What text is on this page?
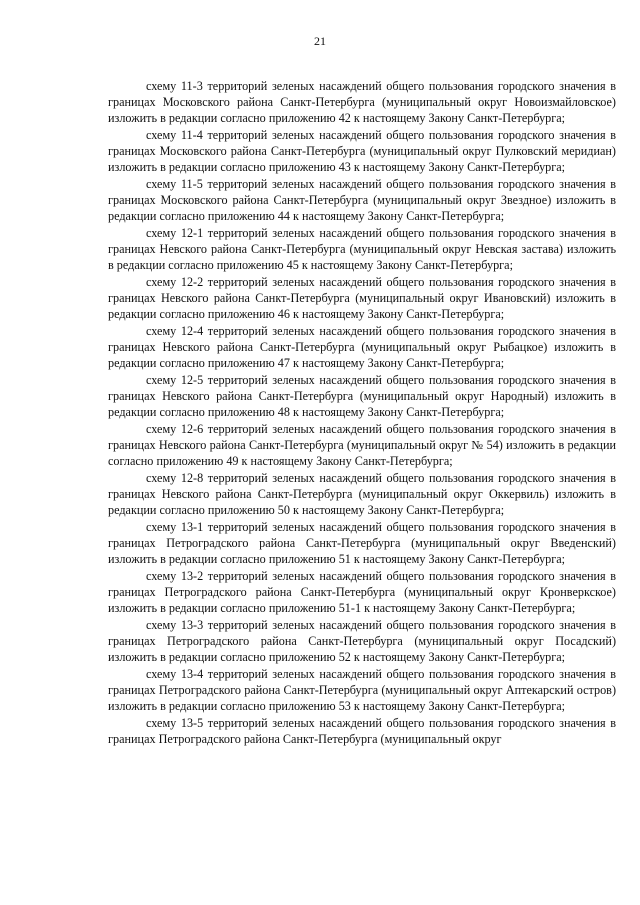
21

схему 11-3 территорий зеленых насаждений общего пользования городского значения в границах Московского района Санкт-Петербурга (муниципальный округ Новоизмайловское) изложить в редакции согласно приложению 42 к настоящему Закону Санкт-Петербурга;

схему 11-4 территорий зеленых насаждений общего пользования городского значения в границах Московского района Санкт-Петербурга (муниципальный округ Пулковский меридиан) изложить в редакции согласно приложению 43 к настоящему Закону Санкт-Петербурга;

схему 11-5 территорий зеленых насаждений общего пользования городского значения в границах Московского района Санкт-Петербурга (муниципальный округ Звездное) изложить в редакции согласно приложению 44 к настоящему Закону Санкт-Петербурга;

схему 12-1 территорий зеленых насаждений общего пользования городского значения в границах Невского района Санкт-Петербурга (муниципальный округ Невская застава) изложить в редакции согласно приложению 45 к настоящему Закону Санкт-Петербурга;

схему 12-2 территорий зеленых насаждений общего пользования городского значения в границах Невского района Санкт-Петербурга (муниципальный округ Ивановский) изложить в редакции согласно приложению 46 к настоящему Закону Санкт-Петербурга;

схему 12-4 территорий зеленых насаждений общего пользования городского значения в границах Невского района Санкт-Петербурга (муниципальный округ Рыбацкое) изложить в редакции согласно приложению 47 к настоящему Закону Санкт-Петербурга;

схему 12-5 территорий зеленых насаждений общего пользования городского значения в границах Невского района Санкт-Петербурга (муниципальный округ Народный) изложить в редакции согласно приложению 48 к настоящему Закону Санкт-Петербурга;

схему 12-6 территорий зеленых насаждений общего пользования городского значения в границах Невского района Санкт-Петербурга (муниципальный округ № 54) изложить в редакции согласно приложению 49 к настоящему Закону Санкт-Петербурга;

схему 12-8 территорий зеленых насаждений общего пользования городского значения в границах Невского района Санкт-Петербурга (муниципальный округ Оккервиль) изложить в редакции согласно приложению 50 к настоящему Закону Санкт-Петербурга;

схему 13-1 территорий зеленых насаждений общего пользования городского значения в границах Петроградского района Санкт-Петербурга (муниципальный округ Введенский) изложить в редакции согласно приложению 51 к настоящему Закону Санкт-Петербурга;

схему 13-2 территорий зеленых насаждений общего пользования городского значения в границах Петроградского района Санкт-Петербурга (муниципальный округ Кронверкское) изложить в редакции согласно приложению 51-1 к настоящему Закону Санкт-Петербурга;

схему 13-3 территорий зеленых насаждений общего пользования городского значения в границах Петроградского района Санкт-Петербурга (муниципальный округ Посадский) изложить в редакции согласно приложению 52 к настоящему Закону Санкт-Петербурга;

схему 13-4 территорий зеленых насаждений общего пользования городского значения в границах Петроградского района Санкт-Петербурга (муниципальный округ Аптекарский остров) изложить в редакции согласно приложению 53 к настоящему Закону Санкт-Петербурга;

схему 13-5 территорий зеленых насаждений общего пользования городского значения в границах Петроградского района Санкт-Петербурга (муниципальный округ
